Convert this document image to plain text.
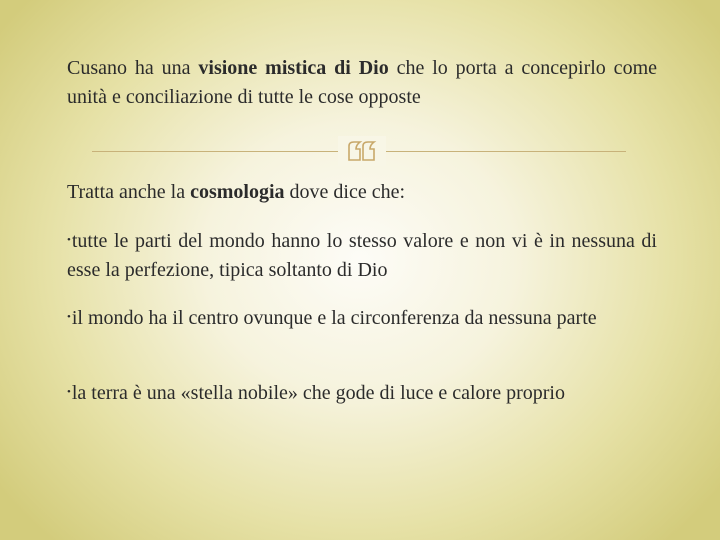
Cusano ha una visione mistica di Dio che lo porta a concepirlo come unità e conciliazione di tutte le cose opposte

Tratta anche la cosmologia dove dice che:

•tutte le parti del mondo hanno lo stesso valore e non vi è in nessuna di esse la perfezione, tipica soltanto di Dio

•il mondo ha il centro ovunque e la circonferenza da nessuna parte

•la terra è una «stella nobile» che gode di luce e calore proprio
